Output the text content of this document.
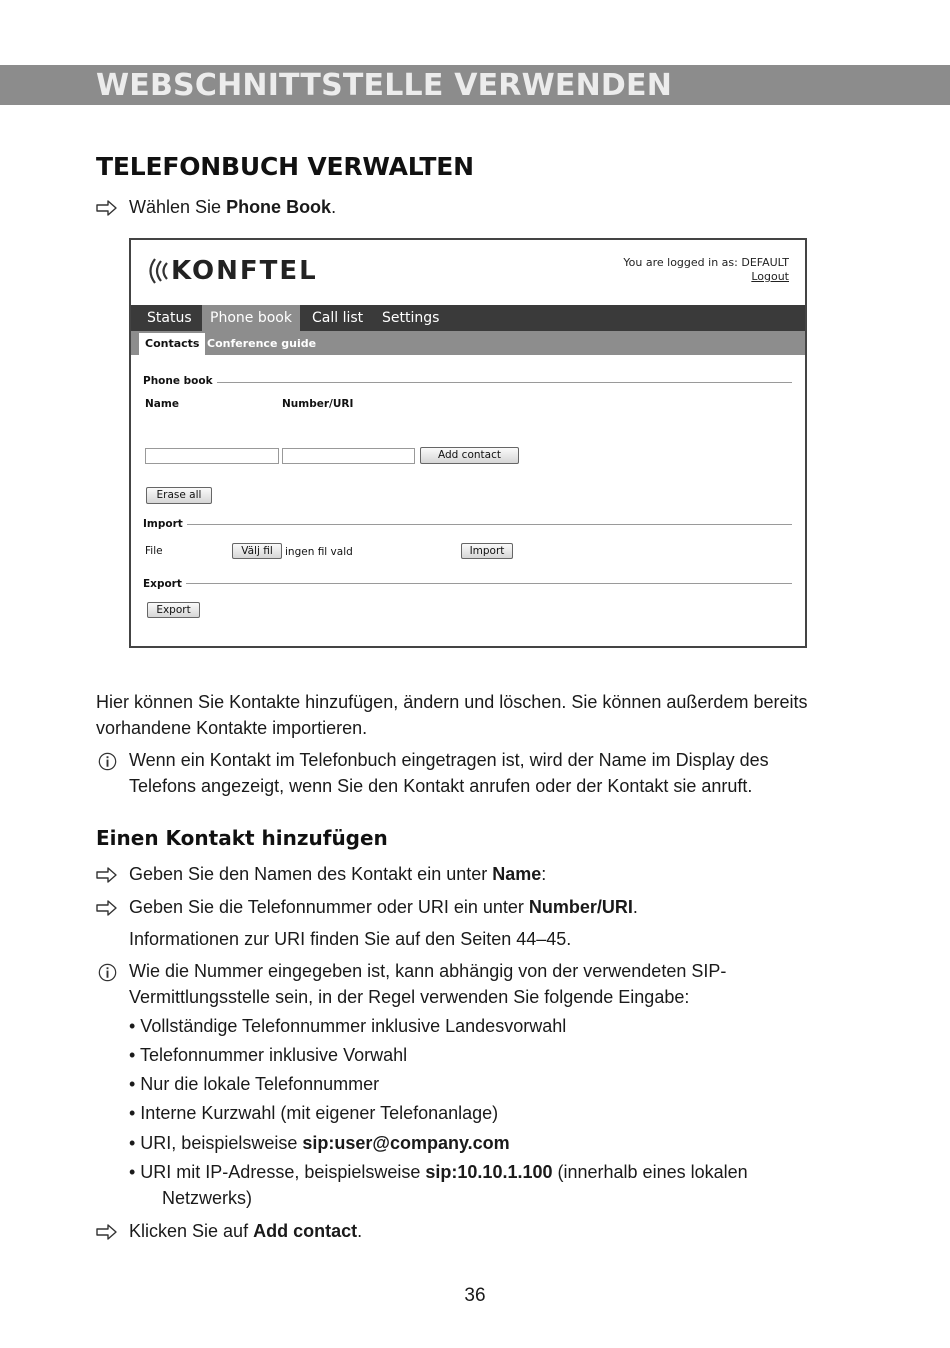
WEBSCHNITTSTELLE VERWENDEN
TELEFONBUCH VERWALTEN
Wählen Sie Phone Book.
KONFTEL	You are logged in as: DEFAULT
Logout
Status	Phone book	Call list	Settings
Contacts Conference guide
Phone book
Name	Number/URI
Add contact
Erase all
Import
File	Välj fil	ingen fil vald	Import
Export
Export
Hier können Sie Kontakte hinzufügen, ändern und löschen. Sie können außerdem bereits
vorhandene Kontakte importieren.
Wenn ein Kontakt im Telefonbuch eingetragen ist, wird der Name im Display des
Telefons angezeigt, wenn Sie den Kontakt anrufen oder der Kontakt sie anruft.
Einen Kontakt hinzufügen
Geben Sie den Namen des Kontakt ein unter Name:
Geben Sie die Telefonnummer oder URI ein unter Number/URI.
Informationen zur URI finden Sie auf den Seiten 44–45.
Wie die Nummer eingegeben ist, kann abhängig von der verwendeten SIP-
Vermittlungsstelle sein, in der Regel verwenden Sie folgende Eingabe:
• Vollständige Telefonnummer inklusive Landesvorwahl
• Telefonnummer inklusive Vorwahl
• Nur die lokale Telefonnummer
• Interne Kurzwahl (mit eigener Telefonanlage)
• URI, beispielsweise sip:user@company.com
• URI mit IP-Adresse, beispielsweise sip:10.10.1.100 (innerhalb eines lokalen
Netzwerks)
Klicken Sie auf Add contact.
36
